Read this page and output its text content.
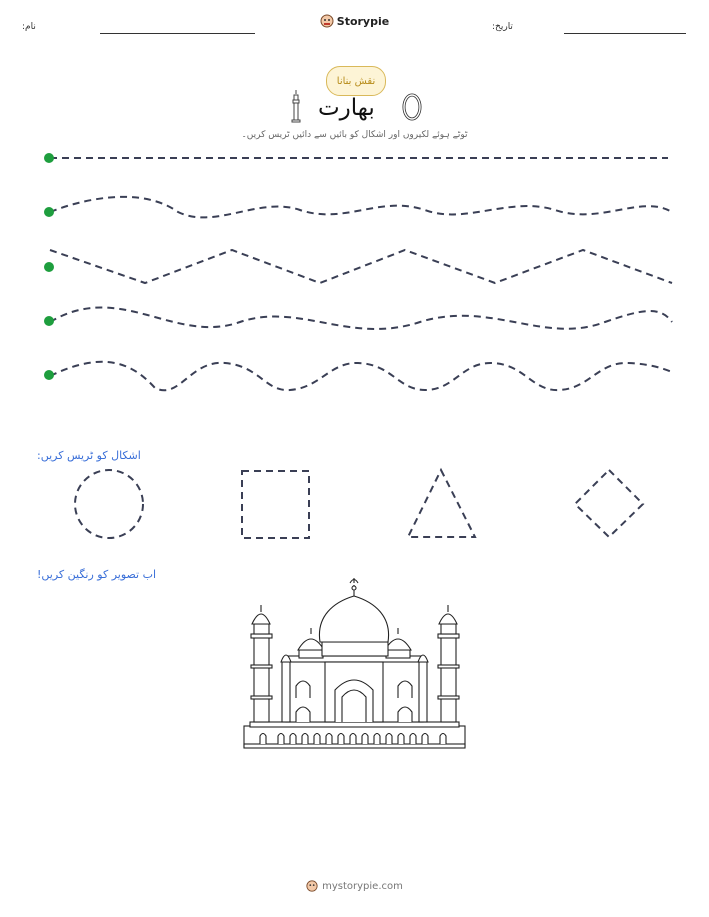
نام:	Storypie	تاریخ:
نقش بنانا
بھارت
ٹوٹے ہوئے لکیروں اور اشکال کو بائیں سے دائیں ٹریس کریں۔
اشکال کو ٹریس کریں:
اب تصویر کو رنگین کریں!
mystorypie.com
